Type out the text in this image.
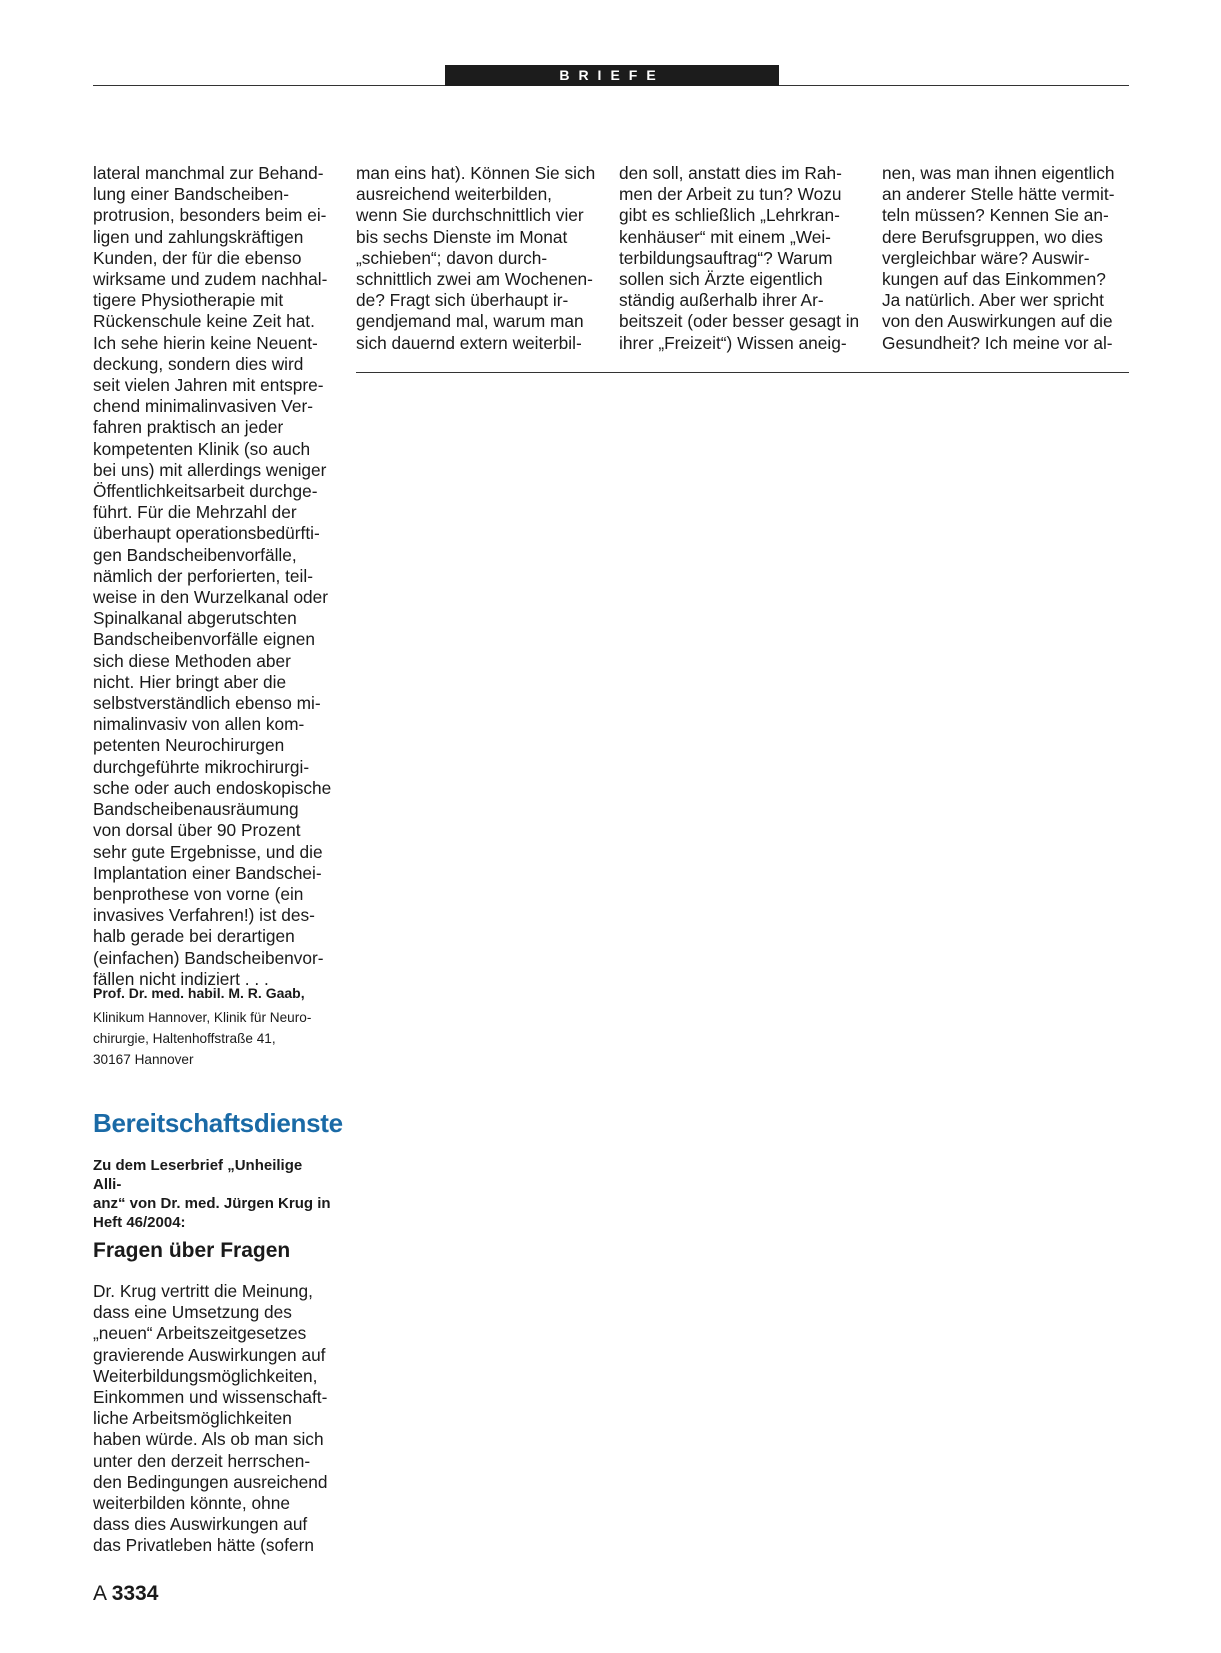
BRIEFE
lateral manchmal zur Behand-
lung einer Bandscheiben-
protrusion, besonders beim ei-
ligen und zahlungskräftigen
Kunden, der für die ebenso
wirksame und zudem nachhal-
tigere Physiotherapie mit
Rückenschule keine Zeit hat.
Ich sehe hierin keine Neuent-
deckung, sondern dies wird
seit vielen Jahren mit entspre-
chend minimalinvasiven Ver-
fahren praktisch an jeder
kompetenten Klinik (so auch
bei uns) mit allerdings weniger
Öffentlichkeitsarbeit durchge-
führt. Für die Mehrzahl der
überhaupt operationsbedürfti-
gen Bandscheibenvorfälle,
nämlich der perforierten, teil-
weise in den Wurzelkanal oder
Spinalkanal abgerutschten
Bandscheibenvorfälle eignen
sich diese Methoden aber
nicht. Hier bringt aber die
selbstverständlich ebenso mi-
nimalinvasiv von allen kom-
petenten Neurochirurgen
durchgeführte mikrochirurgi-
sche oder auch endoskopische
Bandscheibenausräumung
von dorsal über 90 Prozent
sehr gute Ergebnisse, und die
Implantation einer Bandschei-
benprothese von vorne (ein
invasives Verfahren!) ist des-
halb gerade bei derartigen
(einfachen) Bandscheibenvor-
fällen nicht indiziert . . .
man eins hat). Können Sie sich
ausreichend weiterbilden,
wenn Sie durchschnittlich vier
bis sechs Dienste im Monat
„schieben“; davon durch-
schnittlich zwei am Wochenen-
de? Fragt sich überhaupt ir-
gendjemand mal, warum man
sich dauernd extern weiterbil-
den soll, anstatt dies im Rah-
men der Arbeit zu tun? Wozu
gibt es schließlich „Lehrkran-
kenhäuser“ mit einem „Wei-
terbildungsauftrag“? Warum
sollen sich Ärzte eigentlich
ständig außerhalb ihrer Ar-
beitszeit (oder besser gesagt in
ihrer „Freizeit“) Wissen aneig-
nen, was man ihnen eigentlich
an anderer Stelle hätte vermit-
teln müssen? Kennen Sie an-
dere Berufsgruppen, wo dies
vergleichbar wäre? Auswir-
kungen auf das Einkommen?
Ja natürlich. Aber wer spricht
von den Auswirkungen auf die
Gesundheit? Ich meine vor al-
Prof. Dr. med. habil. M. R. Gaab,
Klinikum Hannover, Klinik für Neuro-
chirurgie, Haltenhoffstraße 41,
30167 Hannover
Bereitschaftsdienste
Zu dem Leserbrief „Unheilige Alli-
anz“ von Dr. med. Jürgen Krug in
Heft 46/2004:
Fragen über Fragen
Dr. Krug vertritt die Meinung,
dass eine Umsetzung des
„neuen“ Arbeitszeitgesetzes
gravierende Auswirkungen auf
Weiterbildungsmöglichkeiten,
Einkommen und wissenschaft-
liche Arbeitsmöglichkeiten
haben würde. Als ob man sich
unter den derzeit herrschen-
den Bedingungen ausreichend
weiterbilden könnte, ohne
dass dies Auswirkungen auf
das Privatleben hätte (sofern
A 3334
